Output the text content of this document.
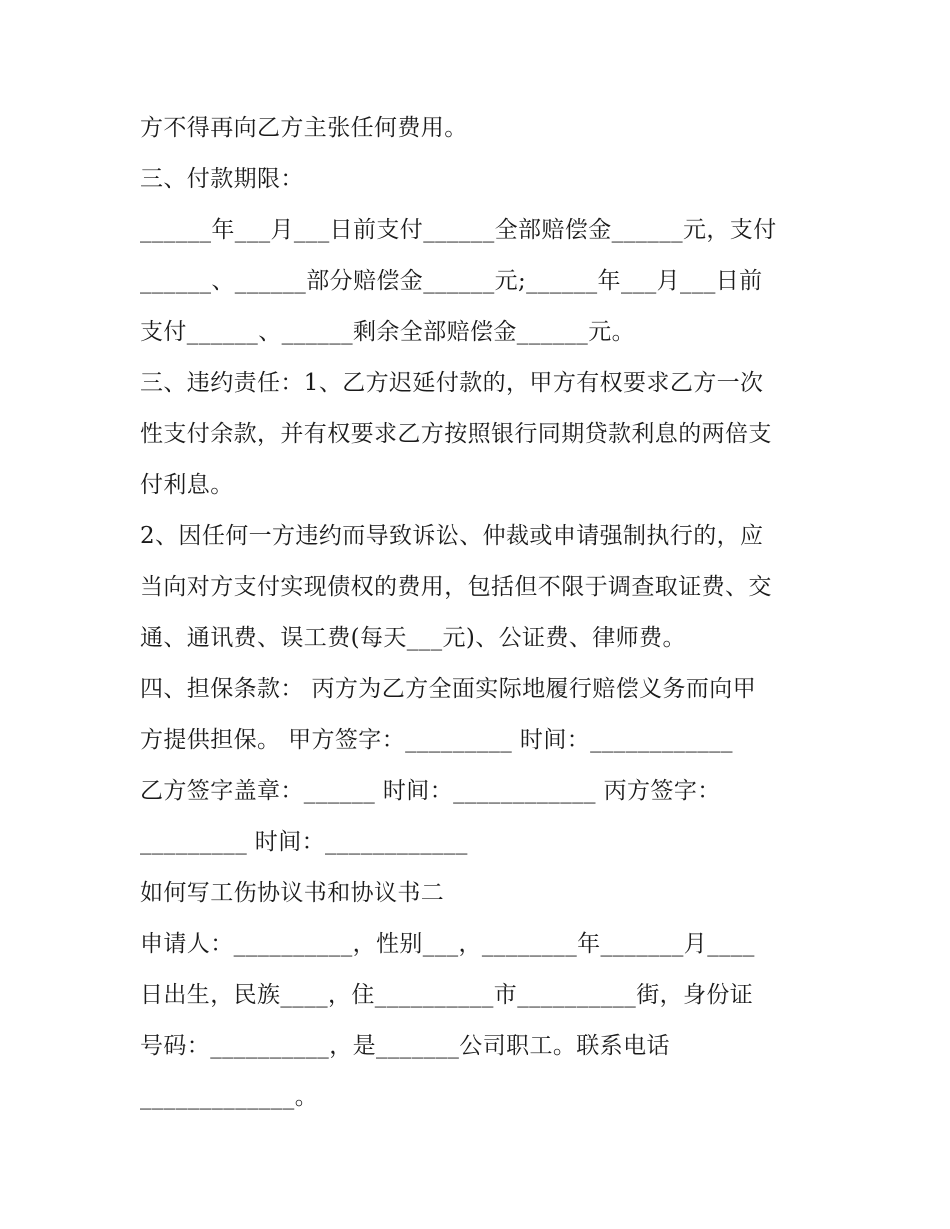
方不得再向乙方主张任何费用。
三、付款期限：
______年___月___日前支付______全部赔偿金______元，支付
______、______部分赔偿金______元;______年___月___日前
支付______、______剩余全部赔偿金______元。
三、违约责任：1、乙方迟延付款的，甲方有权要求乙方一次
性支付余款，并有权要求乙方按照银行同期贷款利息的两倍支
付利息。
2、因任何一方违约而导致诉讼、仲裁或申请强制执行的，应
当向对方支付实现债权的费用，包括但不限于调查取证费、交
通、通讯费、误工费(每天___元)、公证费、律师费。
四、担保条款： 丙方为乙方全面实际地履行赔偿义务而向甲
方提供担保。 甲方签字：_________ 时间：____________
乙方签字盖章：______ 时间：____________ 丙方签字：
_________ 时间：____________
如何写工伤协议书和协议书二
申请人：__________，性别___，________年_______月____
日出生，民族____，住__________市__________街，身份证
号码：__________，是_______公司职工。联系电话
_____________。
